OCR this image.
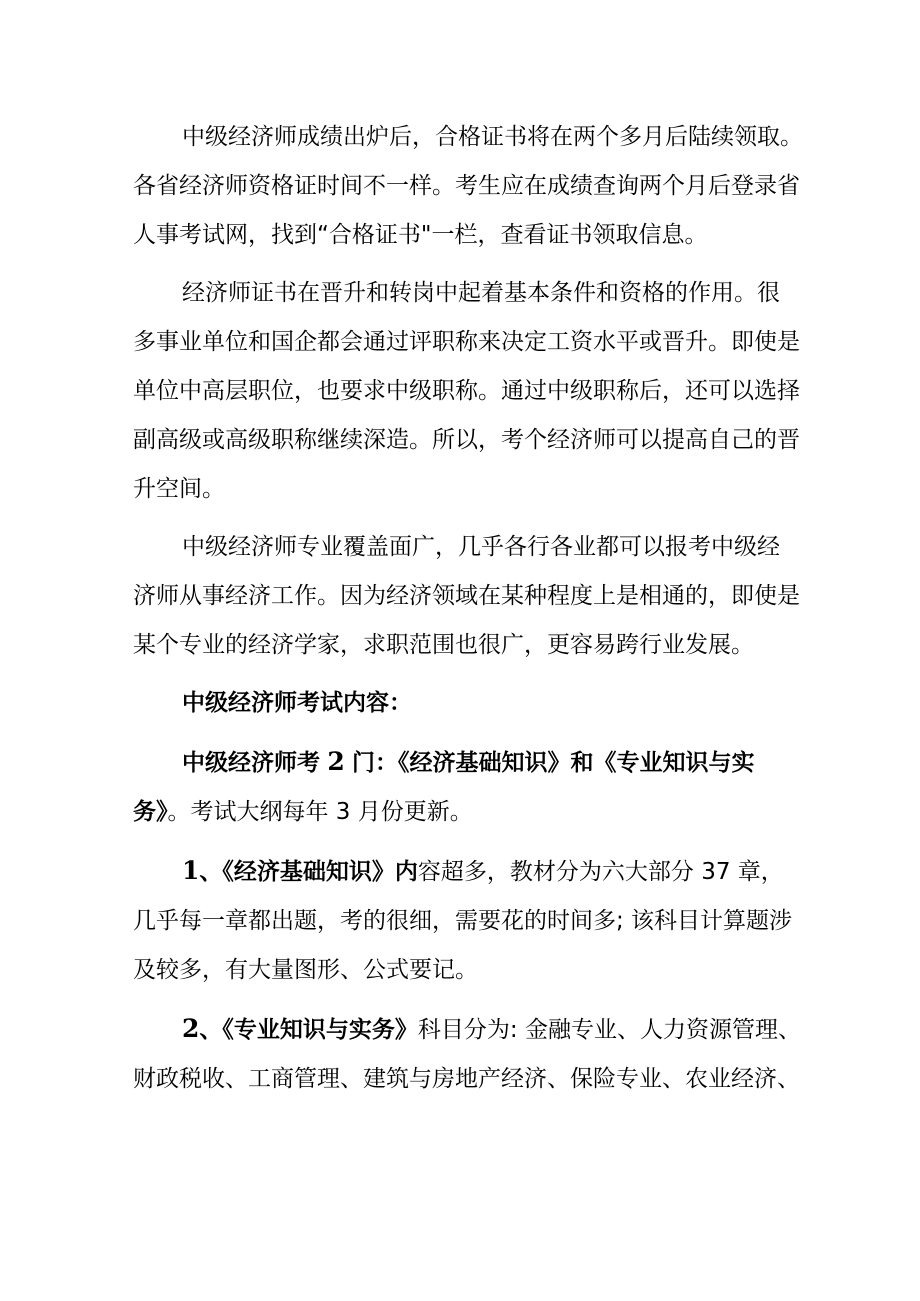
中级经济师成绩出炉后，合格证书将在两个多月后陆续领取。
各省经济师资格证时间不一样。考生应在成绩查询两个月后登录省
人事考试网，找到“合格证书"一栏，查看证书领取信息。

经济师证书在晋升和转岗中起着基本条件和资格的作用。很
多事业单位和国企都会通过评职称来决定工资水平或晋升。即使是
单位中高层职位，也要求中级职称。通过中级职称后，还可以选择
副高级或高级职称继续深造。所以，考个经济师可以提高自己的晋
升空间。

中级经济师专业覆盖面广，几乎各行各业都可以报考中级经
济师从事经济工作。因为经济领域在某种程度上是相通的，即使是
某个专业的经济学家，求职范围也很广，更容易跨行业发展。

中级经济师考试内容：

中级经济师考 2 门：《经济基础知识》和《专业知识与实
务》。考试大纲每年 3 月份更新。

1、《经济基础知识》内容超多，教材分为六大部分 37 章，
几乎每一章都出题，考的很细，需要花的时间多; 该科目计算题涉
及较多，有大量图形、公式要记。

2、《专业知识与实务》科目分为: 金融专业、人力资源管理、
财政税收、工商管理、建筑与房地产经济、保险专业、农业经济、
